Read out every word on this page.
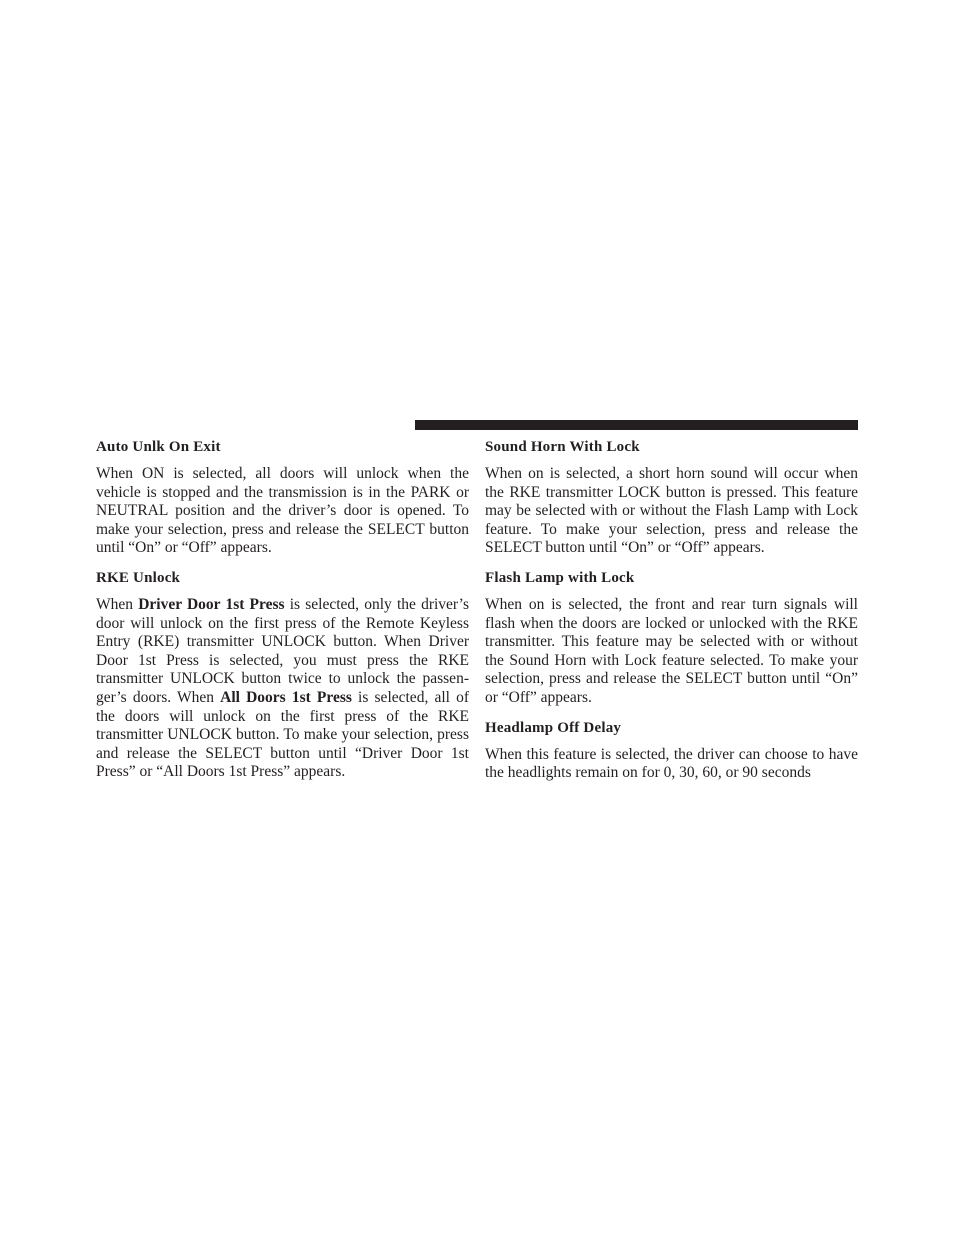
Auto Unlk On Exit

When ON is selected, all doors will unlock when the vehicle is stopped and the transmission is in the PARK or NEUTRAL position and the driver’s door is opened. To make your selection, press and release the SELECT button until “On” or “Off” appears.

RKE Unlock

When Driver Door 1st Press is selected, only the driver’s door will unlock on the first press of the Remote Keyless Entry (RKE) transmitter UNLOCK button. When Driver Door 1st Press is selected, you must press the RKE transmitter UNLOCK button twice to unlock the passenger’s doors. When All Doors 1st Press is selected, all of the doors will unlock on the first press of the RKE transmitter UNLOCK button. To make your selection, press and release the SELECT button until “Driver Door 1st Press” or “All Doors 1st Press” appears.

Sound Horn With Lock

When on is selected, a short horn sound will occur when the RKE transmitter LOCK button is pressed. This feature may be selected with or without the Flash Lamp with Lock feature. To make your selection, press and release the SELECT button until “On” or “Off” appears.

Flash Lamp with Lock

When on is selected, the front and rear turn signals will flash when the doors are locked or unlocked with the RKE transmitter. This feature may be selected with or without the Sound Horn with Lock feature selected. To make your selection, press and release the SELECT button until “On” or “Off” appears.

Headlamp Off Delay

When this feature is selected, the driver can choose to have the headlights remain on for 0, 30, 60, or 90 seconds
